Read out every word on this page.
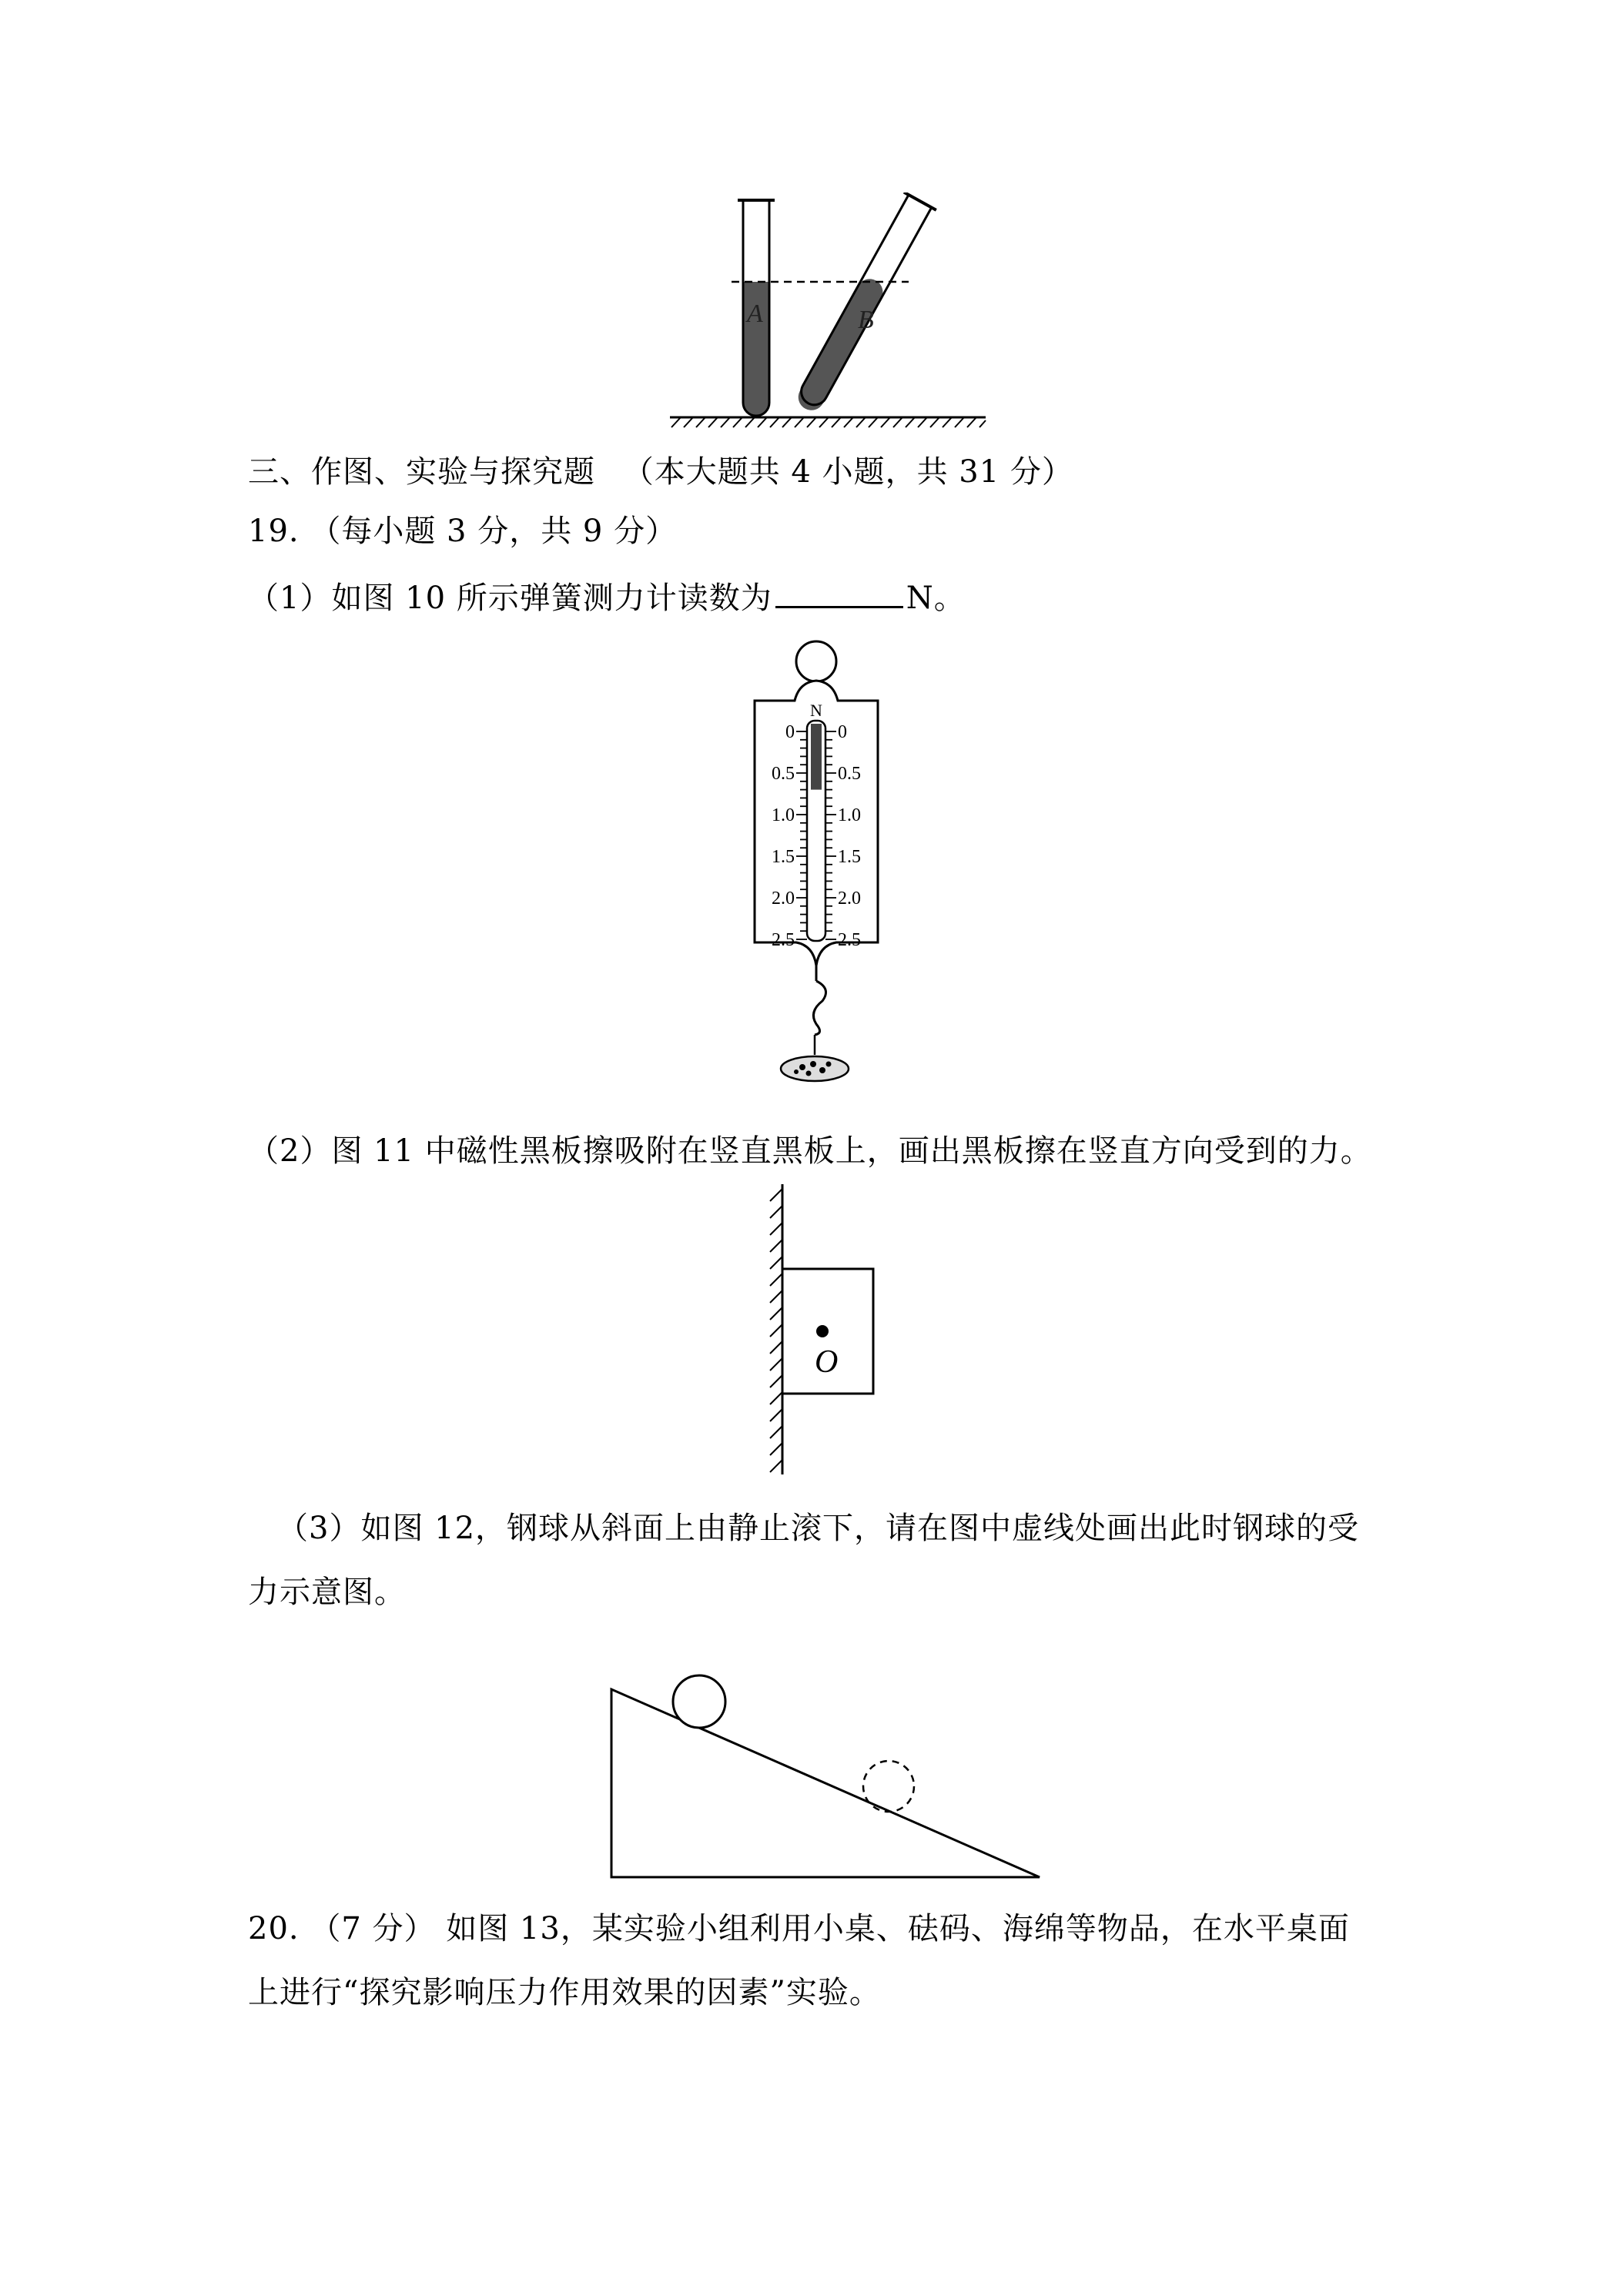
A	B
三、作图、实验与探究题 （本大题共 4 小题，共 31 分）
19. （每小题 3 分，共 9 分）
（1）如图 10 所示弹簧测力计读数为	N。
N
0 0
0.5 0.5
1.0 1.0
1.5 1.5
2.0 2.0
2.5 2.5
（2）图 11 中磁性黑板擦吸附在竖直黑板上，画出黑板擦在竖直方向受到的力。
O
（3）如图 12，钢球从斜面上由静止滚下，请在图中虚线处画出此时钢球的受
力示意图。
20. （7 分） 如图 13，某实验小组利用小桌、砝码、海绵等物品，在水平桌面
上进行“探究影响压力作用效果的因素”实验。
